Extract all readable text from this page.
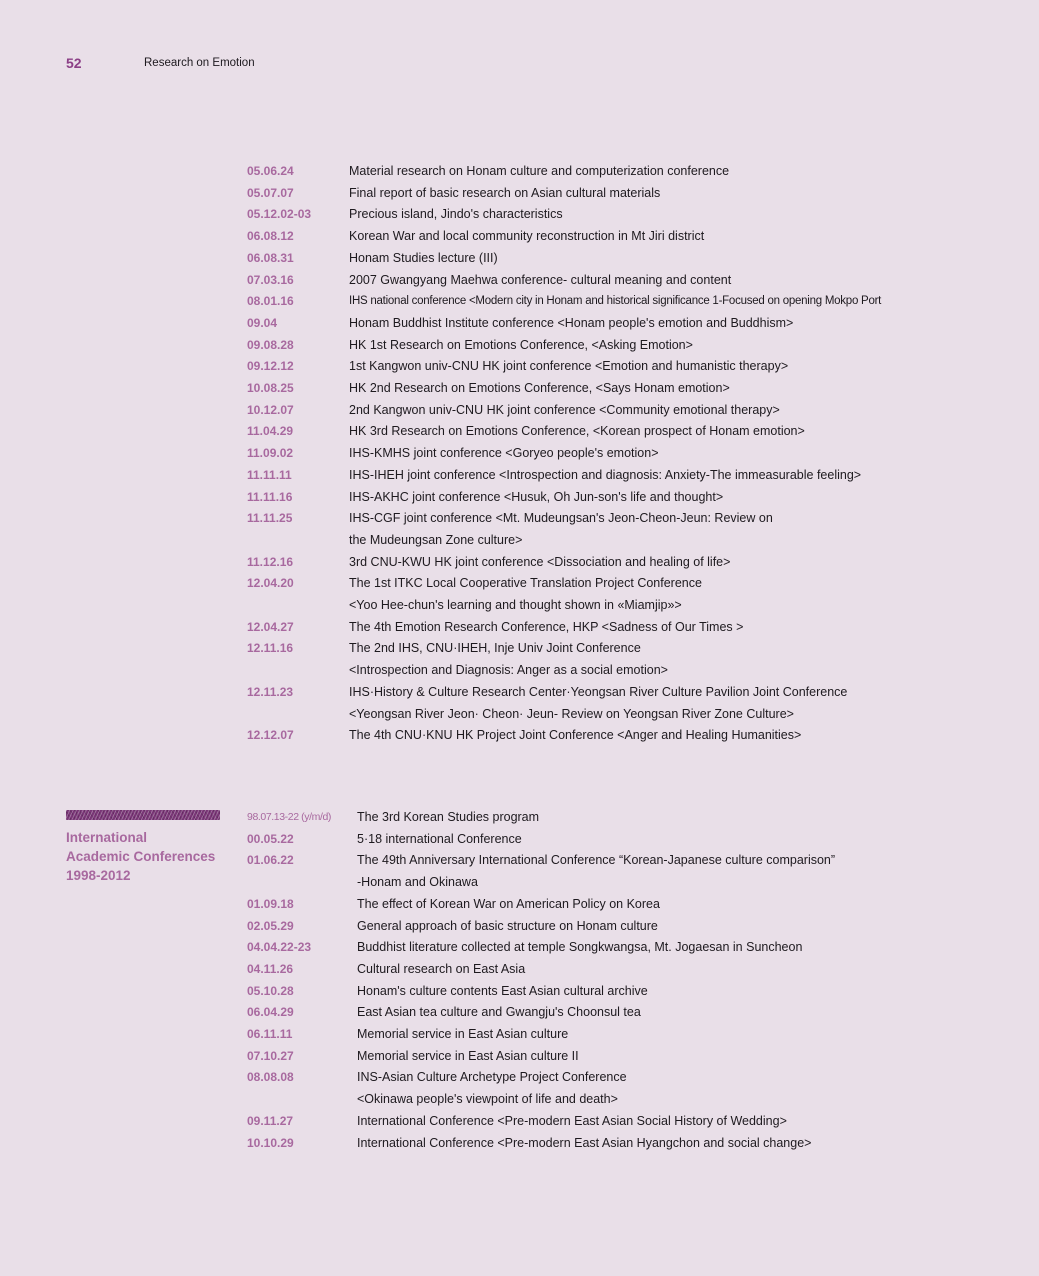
52	Research on Emotion
05.06.24	Material research on Honam culture and computerization conference
05.07.07	Final report of basic research on Asian cultural materials
05.12.02-03	Precious island, Jindo's characteristics
06.08.12	Korean War and local community reconstruction in Mt Jiri district
06.08.31	Honam Studies lecture (III)
07.03.16	2007 Gwangyang Maehwa conference- cultural meaning and content
08.01.16	IHS national conference <Modern city in Honam and historical significance 1-Focused on opening Mokpo Port
09.04	Honam Buddhist Institute conference <Honam people's emotion and Buddhism>
09.08.28	HK 1st Research on Emotions Conference, <Asking Emotion>
09.12.12	1st Kangwon univ-CNU HK joint conference <Emotion and humanistic therapy>
10.08.25	HK 2nd Research on Emotions Conference, <Says Honam emotion>
10.12.07	2nd Kangwon univ-CNU HK joint conference <Community emotional therapy>
11.04.29	HK 3rd Research on Emotions Conference, <Korean prospect of Honam emotion>
11.09.02	IHS-KMHS joint conference <Goryeo people's emotion>
11.11.11	IHS-IHEH joint conference <Introspection and diagnosis: Anxiety-The immeasurable feeling>
11.11.16	IHS-AKHC joint conference <Husuk, Oh Jun-son's life and thought>
11.11.25	IHS-CGF joint conference <Mt. Mudeungsan's Jeon-Cheon-Jeun: Review on
the Mudeungsan Zone culture>
11.12.16	3rd CNU-KWU HK joint conference <Dissociation and healing of life>
12.04.20	The 1st ITKC Local Cooperative Translation Project Conference
<Yoo Hee-chun's learning and thought shown in «Miamjip»>
12.04.27	The 4th Emotion Research Conference, HKP <Sadness of Our Times >
12.11.16	The 2nd IHS, CNU·IHEH, Inje Univ Joint Conference
<Introspection and Diagnosis: Anger as a social emotion>
12.11.23	IHS·History & Culture Research Center·Yeongsan River Culture Pavilion Joint Conference
<Yeongsan River Jeon· Cheon· Jeun- Review on Yeongsan River Zone Culture>
12.12.07	The 4th CNU·KNU HK Project Joint Conference <Anger and Healing Humanities>
International
Academic Conferences
1998-2012
98.07.13-22 (y/m/d)	The 3rd Korean Studies program
00.05.22	5·18 international Conference
01.06.22	The 49th Anniversary International Conference “Korean-Japanese culture comparison”
-Honam and Okinawa
01.09.18	The effect of Korean War on American Policy on Korea
02.05.29	General approach of basic structure on Honam culture
04.04.22-23	Buddhist literature collected at temple Songkwangsa, Mt. Jogaesan in Suncheon
04.11.26	Cultural research on East Asia
05.10.28	Honam's culture contents East Asian cultural archive
06.04.29	East Asian tea culture and Gwangju's Choonsul tea
06.11.11	Memorial service in East Asian culture
07.10.27	Memorial service in East Asian culture II
08.08.08	INS-Asian Culture Archetype Project Conference
<Okinawa people's viewpoint of life and death>
09.11.27	International Conference <Pre-modern East Asian Social History of Wedding>
10.10.29	International Conference <Pre-modern East Asian Hyangchon and social change>
